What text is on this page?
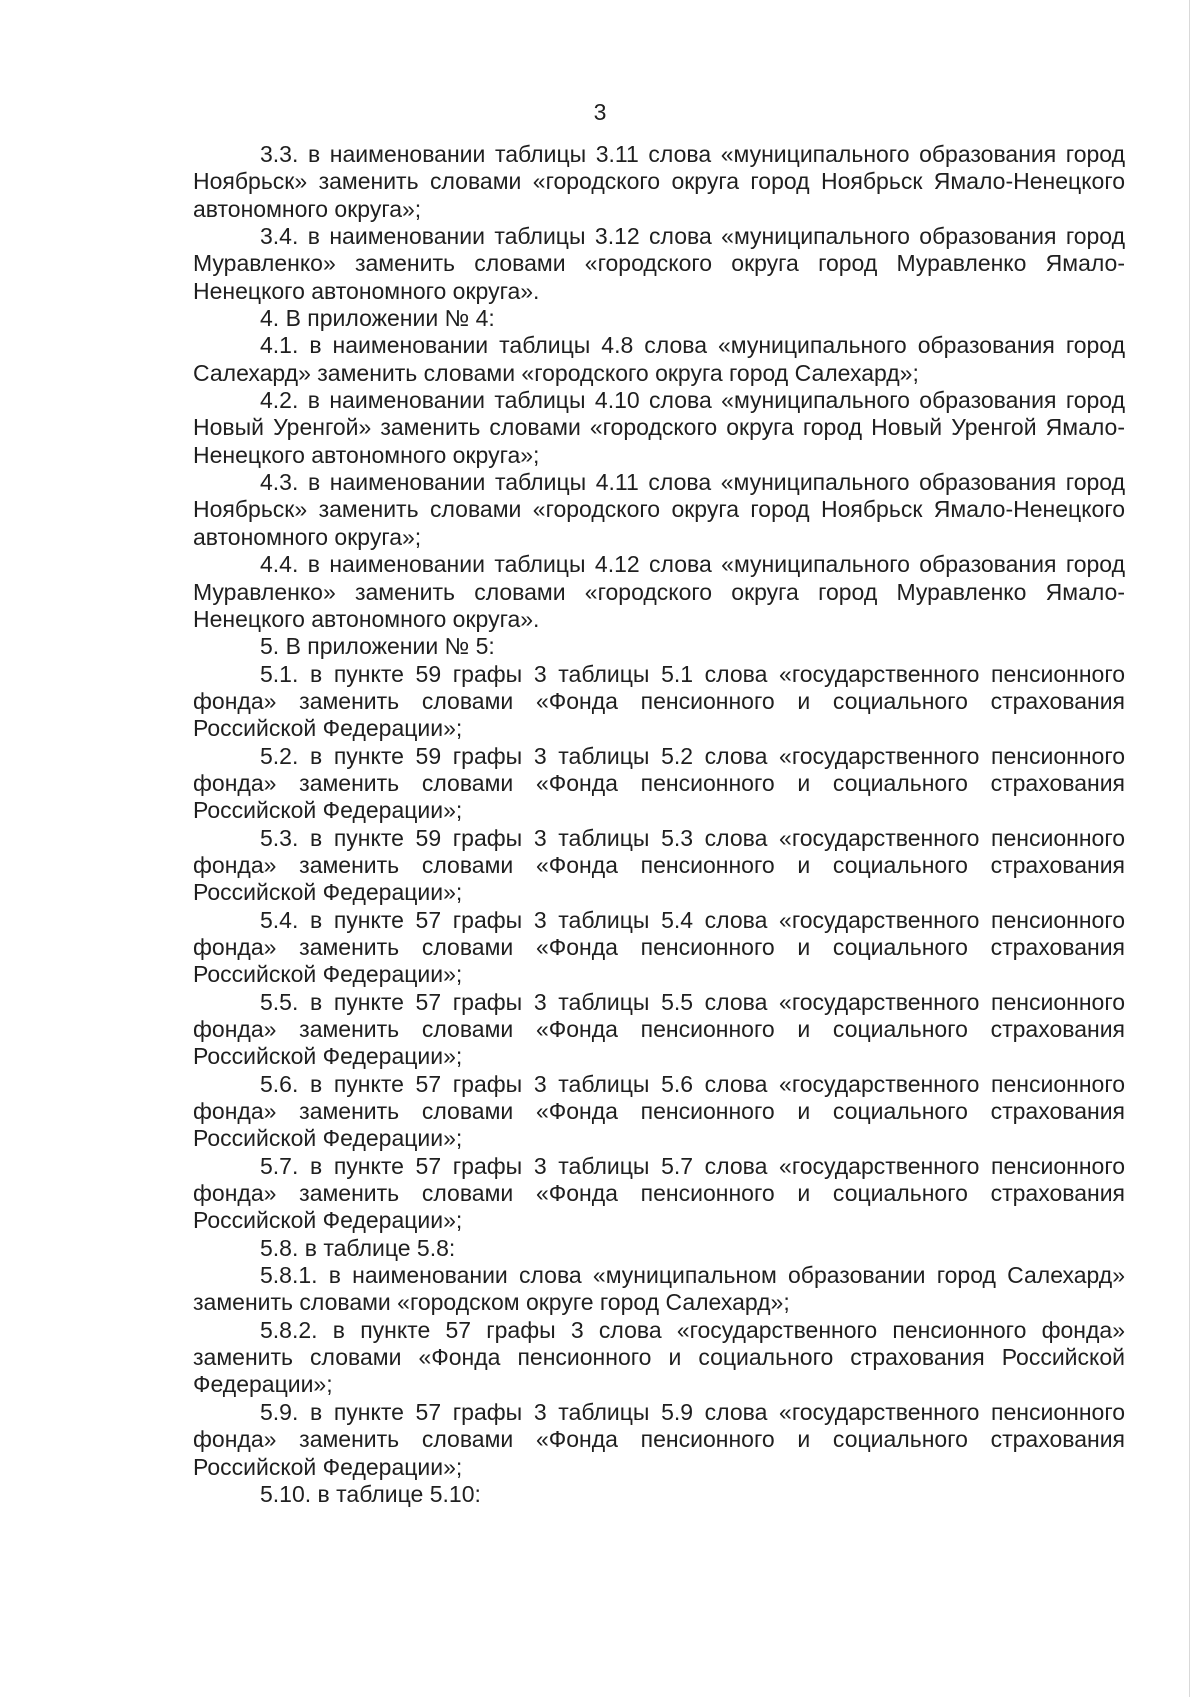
3

3.3. в наименовании таблицы 3.11 слова «муниципального образования город Ноябрьск» заменить словами «городского округа город Ноябрьск Ямало-Ненецкого автономного округа»;

3.4. в наименовании таблицы 3.12 слова «муниципального образования город Муравленко» заменить словами «городского округа город Муравленко Ямало-Ненецкого автономного округа».

4. В приложении № 4:

4.1. в наименовании таблицы 4.8 слова «муниципального образования город Салехард» заменить словами «городского округа город Салехард»;

4.2. в наименовании таблицы 4.10 слова «муниципального образования город Новый Уренгой» заменить словами «городского округа город Новый Уренгой Ямало-Ненецкого автономного округа»;

4.3. в наименовании таблицы 4.11 слова «муниципального образования город Ноябрьск» заменить словами «городского округа город Ноябрьск Ямало-Ненецкого автономного округа»;

4.4. в наименовании таблицы 4.12 слова «муниципального образования город Муравленко» заменить словами «городского округа город Муравленко Ямало-Ненецкого автономного округа».

5. В приложении № 5:

5.1. в пункте 59 графы 3 таблицы 5.1 слова «государственного пенсионного фонда» заменить словами «Фонда пенсионного и социального страхования Российской Федерации»;

5.2. в пункте 59 графы 3 таблицы 5.2 слова «государственного пенсионного фонда» заменить словами «Фонда пенсионного и социального страхования Российской Федерации»;

5.3. в пункте 59 графы 3 таблицы 5.3 слова «государственного пенсионного фонда» заменить словами «Фонда пенсионного и социального страхования Российской Федерации»;

5.4. в пункте 57 графы 3 таблицы 5.4 слова «государственного пенсионного фонда» заменить словами «Фонда пенсионного и социального страхования Российской Федерации»;

5.5. в пункте 57 графы 3 таблицы 5.5 слова «государственного пенсионного фонда» заменить словами «Фонда пенсионного и социального страхования Российской Федерации»;

5.6. в пункте 57 графы 3 таблицы 5.6 слова «государственного пенсионного фонда» заменить словами «Фонда пенсионного и социального страхования Российской Федерации»;

5.7. в пункте 57 графы 3 таблицы 5.7 слова «государственного пенсионного фонда» заменить словами «Фонда пенсионного и социального страхования Российской Федерации»;

5.8. в таблице 5.8:

5.8.1. в наименовании слова «муниципальном образовании город Салехард» заменить словами «городском округе город Салехард»;

5.8.2. в пункте 57 графы 3 слова «государственного пенсионного фонда» заменить словами «Фонда пенсионного и социального страхования Российской Федерации»;

5.9. в пункте 57 графы 3 таблицы 5.9 слова «государственного пенсионного фонда» заменить словами «Фонда пенсионного и социального страхования Российской Федерации»;

5.10. в таблице 5.10:
